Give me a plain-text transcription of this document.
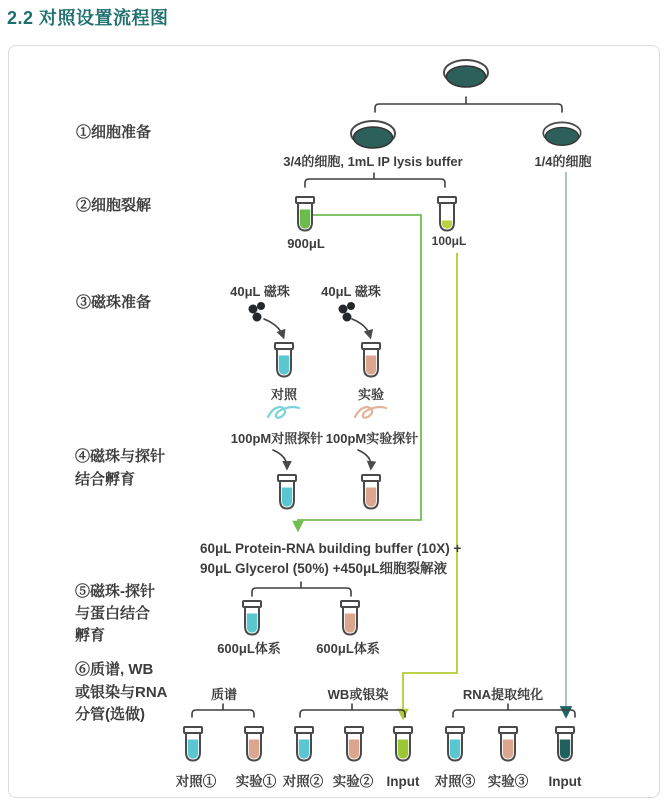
2.2 对照设置流程图
①细胞准备
②细胞裂解
③磁珠准备
④磁珠与探针
结合孵育
⑤磁珠-探针
与蛋白结合
孵育
⑥质谱, WB
或银染与RNA
分管(选做)
3/4的细胞, 1mL IP lysis buffer	1/4的细胞
900μL	100μL
40μL 磁珠 40μL 磁珠
对照	实验
100pM对照探针 100pM实验探针
60μL Protein-RNA building buffer (10X) +
90μL Glycerol (50%) +450μL细胞裂解液
600μL体系	600μL体系
质谱	WB或银染	RNA提取纯化
对照① 实验① 对照② 实验② Input 对照③ 实验③ Input
